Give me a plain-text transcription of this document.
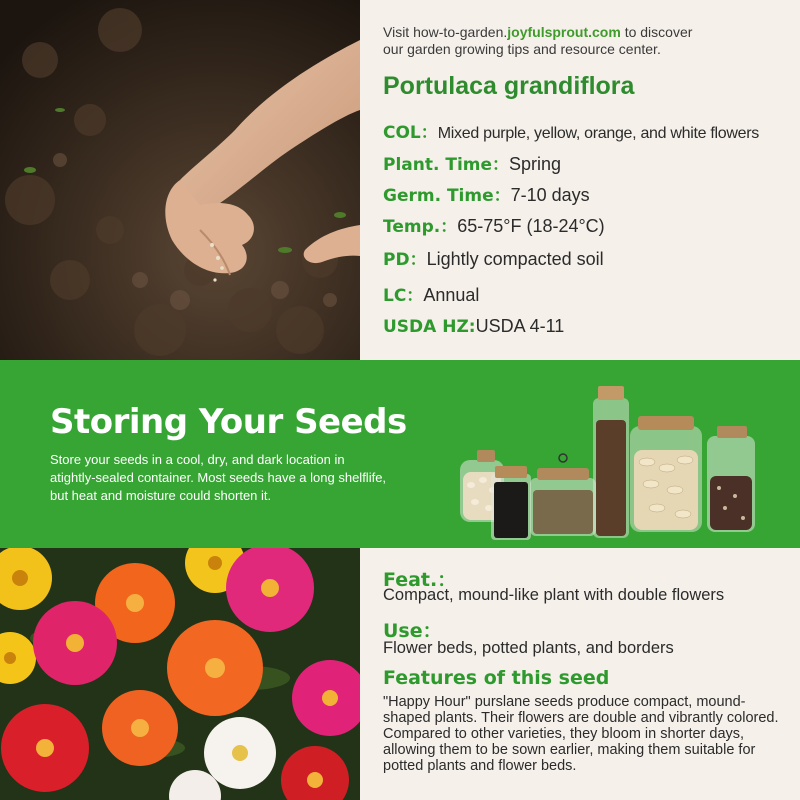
Visit how-to-garden.joyfulsprout.com to discover
our garden growing tips and resource center.
Portulaca grandiflora
COL：Mixed purple, yellow, orange, and white flowers
Plant. Time：Spring
Germ. Time：7-10 days
Temp.：65-75°F (18-24°C)
PD：Lightly compacted soil
LC：Annual
USDA HZ:USDA 4-11
Storing Your Seeds
Store your seeds in a cool, dry, and dark location in atightly-sealed container. Most seeds have a long shelflife, but heat and moisture could shorten it.
Feat.：
Compact, mound-like plant with double flowers
Use：
Flower beds, potted plants, and borders
Features of this seed
"Happy Hour" purslane seeds produce compact, mound-shaped plants. Their flowers are double and vibrantly colored. Compared to other varieties, they bloom in shorter days, allowing them to be sown earlier, making them suitable for potted plants and flower beds.
